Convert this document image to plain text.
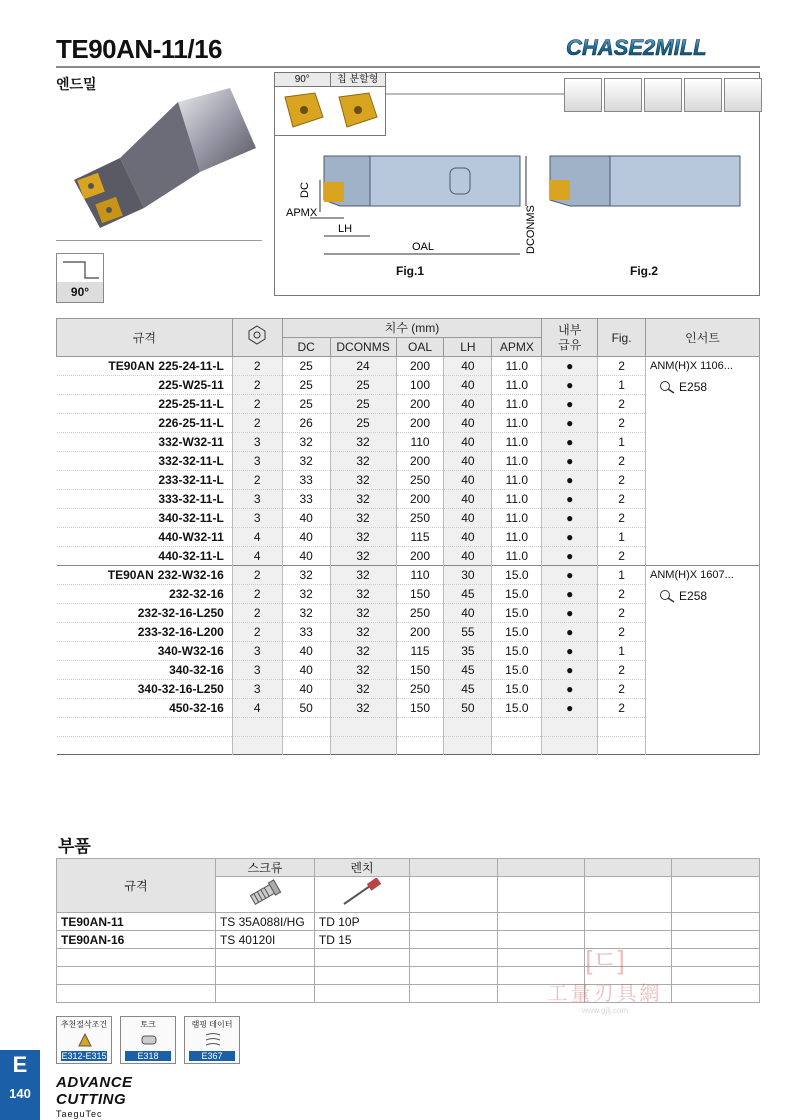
TE90AN-11/16	CHASE2MILL
엔드밀
90°
90°	칩 분할형
DC
APMX
LH
OAL	DCONMS
Fig.1	Fig.2
규격		치수 (mm)					내부
급유	Fig.	인서트
		DC	DCONMS	OAL	LH	APMX			
TE90AN 225-24-11-L	2	25	24	200	40	11.0	●	2	ANM(H)X 1106...
E258

225-W25-11	2	25	25	100	40	11.0	●	1	
225-25-11-L	2	25	25	200	40	11.0	●	2	
226-25-11-L	2	26	25	200	40	11.0	●	2	
332-W32-11	3	32	32	110	40	11.0	●	1	
332-32-11-L	3	32	32	200	40	11.0	●	2	
233-32-11-L	2	33	32	250	40	11.0	●	2	
333-32-11-L	3	33	32	200	40	11.0	●	2	
340-32-11-L	3	40	32	250	40	11.0	●	2	
440-W32-11	4	40	32	115	40	11.0	●	1	
440-32-11-L	4	40	32	200	40	11.0	●	2	
TE90AN 232-W32-16	2	32	32	110	30	15.0	●	1	ANM(H)X 1607...
E258

232-32-16	2	32	32	150	45	15.0	●	2	
232-32-16-L250	2	32	32	250	40	15.0	●	2	
233-32-16-L200	2	33	32	200	55	15.0	●	2	
340-W32-16	3	40	32	115	35	15.0	●	1	
340-32-16	3	40	32	150	45	15.0	●	2	
340-32-16-L250	3	40	32	250	45	15.0	●	2	
450-32-16	4	50	32	150	50	15.0	●	2	

부품
규격	스크류	렌치				

TE90AN-11	TS 35A088I/HG	TD 10P				
TE90AN-16	TS 40120I	TD 15				

[ㄷ]
工量刃具網
www.gjlj.com
추천절삭조건
E312-E315
토크
E318
램핑 데이터
E367
E
140
ADVANCE CUTTING
TaeguTec
